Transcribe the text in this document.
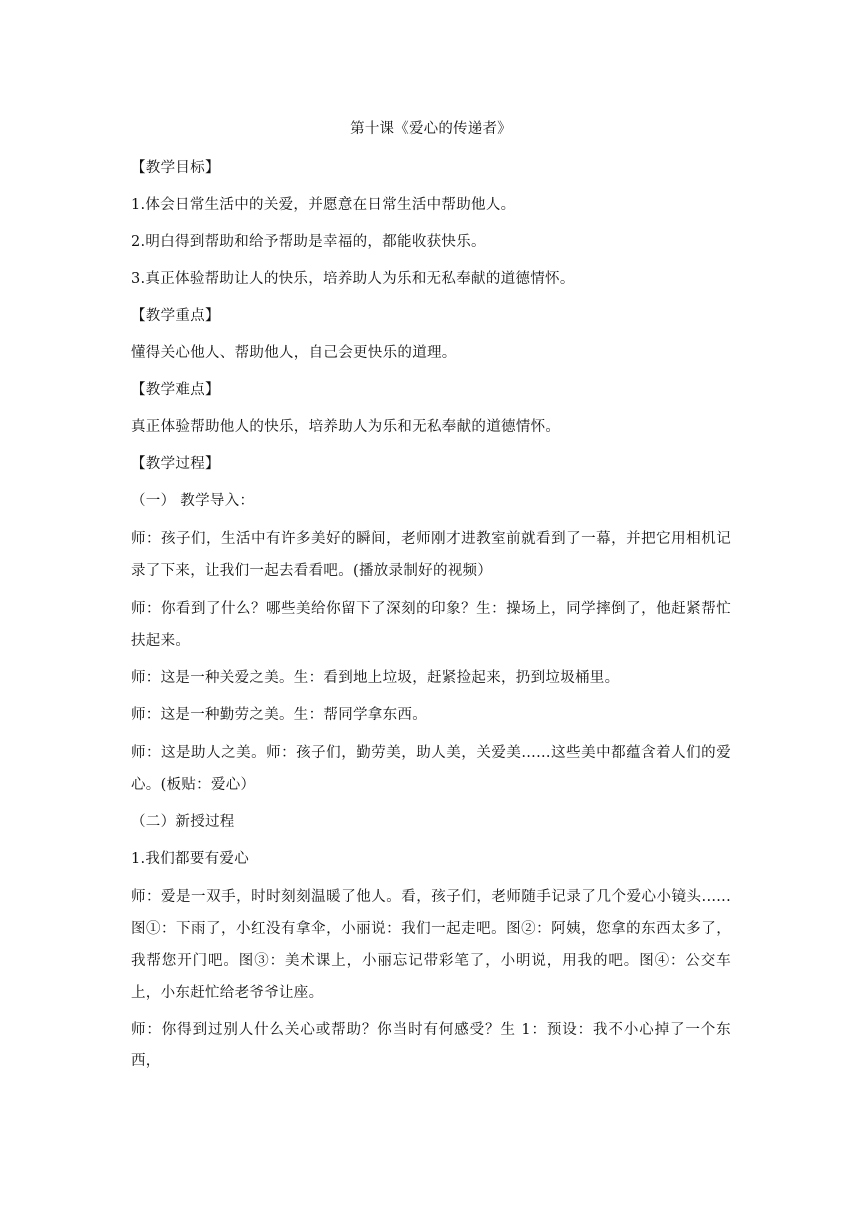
第十课《爱心的传递者》
【教学目标】
1.体会日常生活中的关爱，并愿意在日常生活中帮助他人。
2.明白得到帮助和给予帮助是幸福的，都能收获快乐。
3.真正体验帮助让人的快乐，培养助人为乐和无私奉献的道德情怀。
【教学重点】
懂得关心他人、帮助他人，自己会更快乐的道理。
【教学难点】
真正体验帮助他人的快乐，培养助人为乐和无私奉献的道德情怀。
【教学过程】
（一） 教学导入：
师：孩子们，生活中有许多美好的瞬间，老师刚才进教室前就看到了一幕，并把它用相机记录了下来，让我们一起去看看吧。(播放录制好的视频）
师：你看到了什么？哪些美给你留下了深刻的印象？生：操场上，同学摔倒了，他赶紧帮忙扶起来。
师：这是一种关爱之美。生：看到地上垃圾，赶紧捡起来，扔到垃圾桶里。
师：这是一种勤劳之美。生：帮同学拿东西。
师：这是助人之美。师：孩子们，勤劳美，助人美，关爱美......这些美中都蕴含着人们的爱心。(板贴：爱心）
（二）新授过程
1.我们都要有爱心
师：爱是一双手，时时刻刻温暖了他人。看，孩子们，老师随手记录了几个爱心小镜头......图①：下雨了，小红没有拿伞，小丽说：我们一起走吧。图②：阿姨，您拿的东西太多了，我帮您开门吧。图③：美术课上，小丽忘记带彩笔了，小明说，用我的吧。图④：公交车上，小东赶忙给老爷爷让座。
师：你得到过别人什么关心或帮助？你当时有何感受？生 1：预设：我不小心掉了一个东西，
